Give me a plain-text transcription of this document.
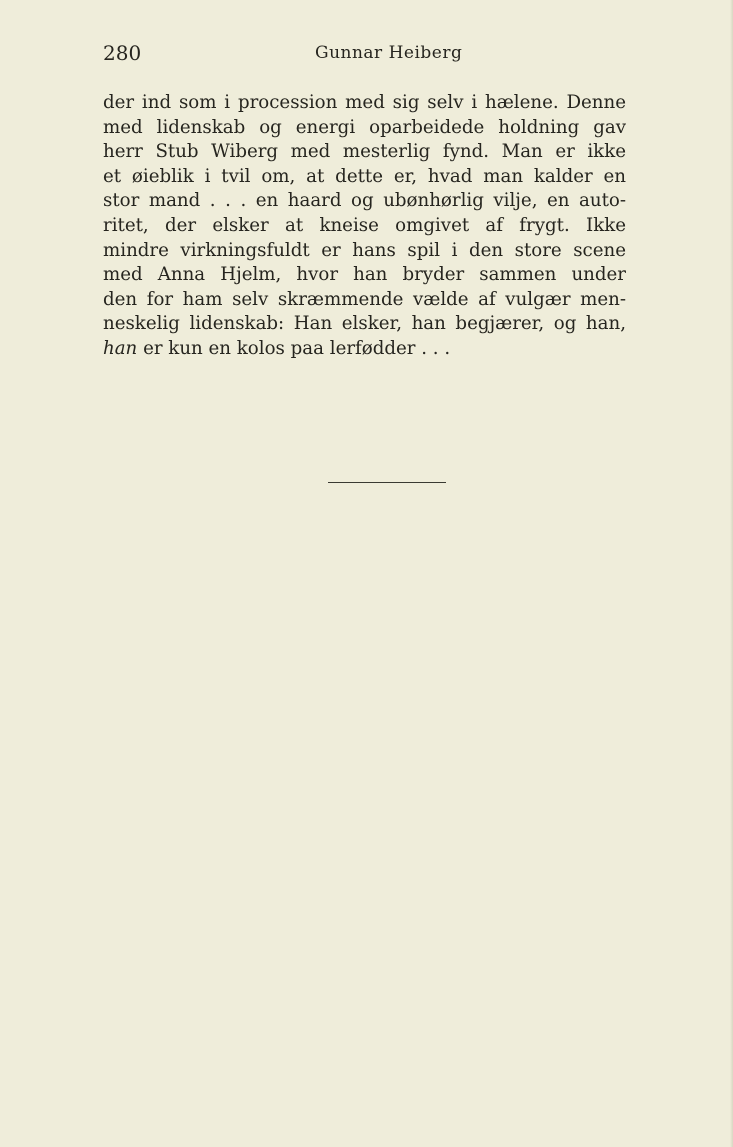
280	Gunnar Heiberg
der ind som i procession med sig selv i hælene. Denne
med lidenskab og energi oparbeidede holdning gav
herr Stub Wiberg med mesterlig fynd. Man er ikke
et øieblik i tvil om, at dette er, hvad man kalder en
stor mand . . . en haard og ubønhørlig vilje, en auto-
ritet, der elsker at kneise omgivet af frygt. Ikke
mindre virkningsfuldt er hans spil i den store scene
med Anna Hjelm, hvor han bryder sammen under
den for ham selv skræmmende vælde af vulgær men-
neskelig lidenskab: Han elsker, han begjærer, og han,
han er kun en kolos paa lerfødder . . .
